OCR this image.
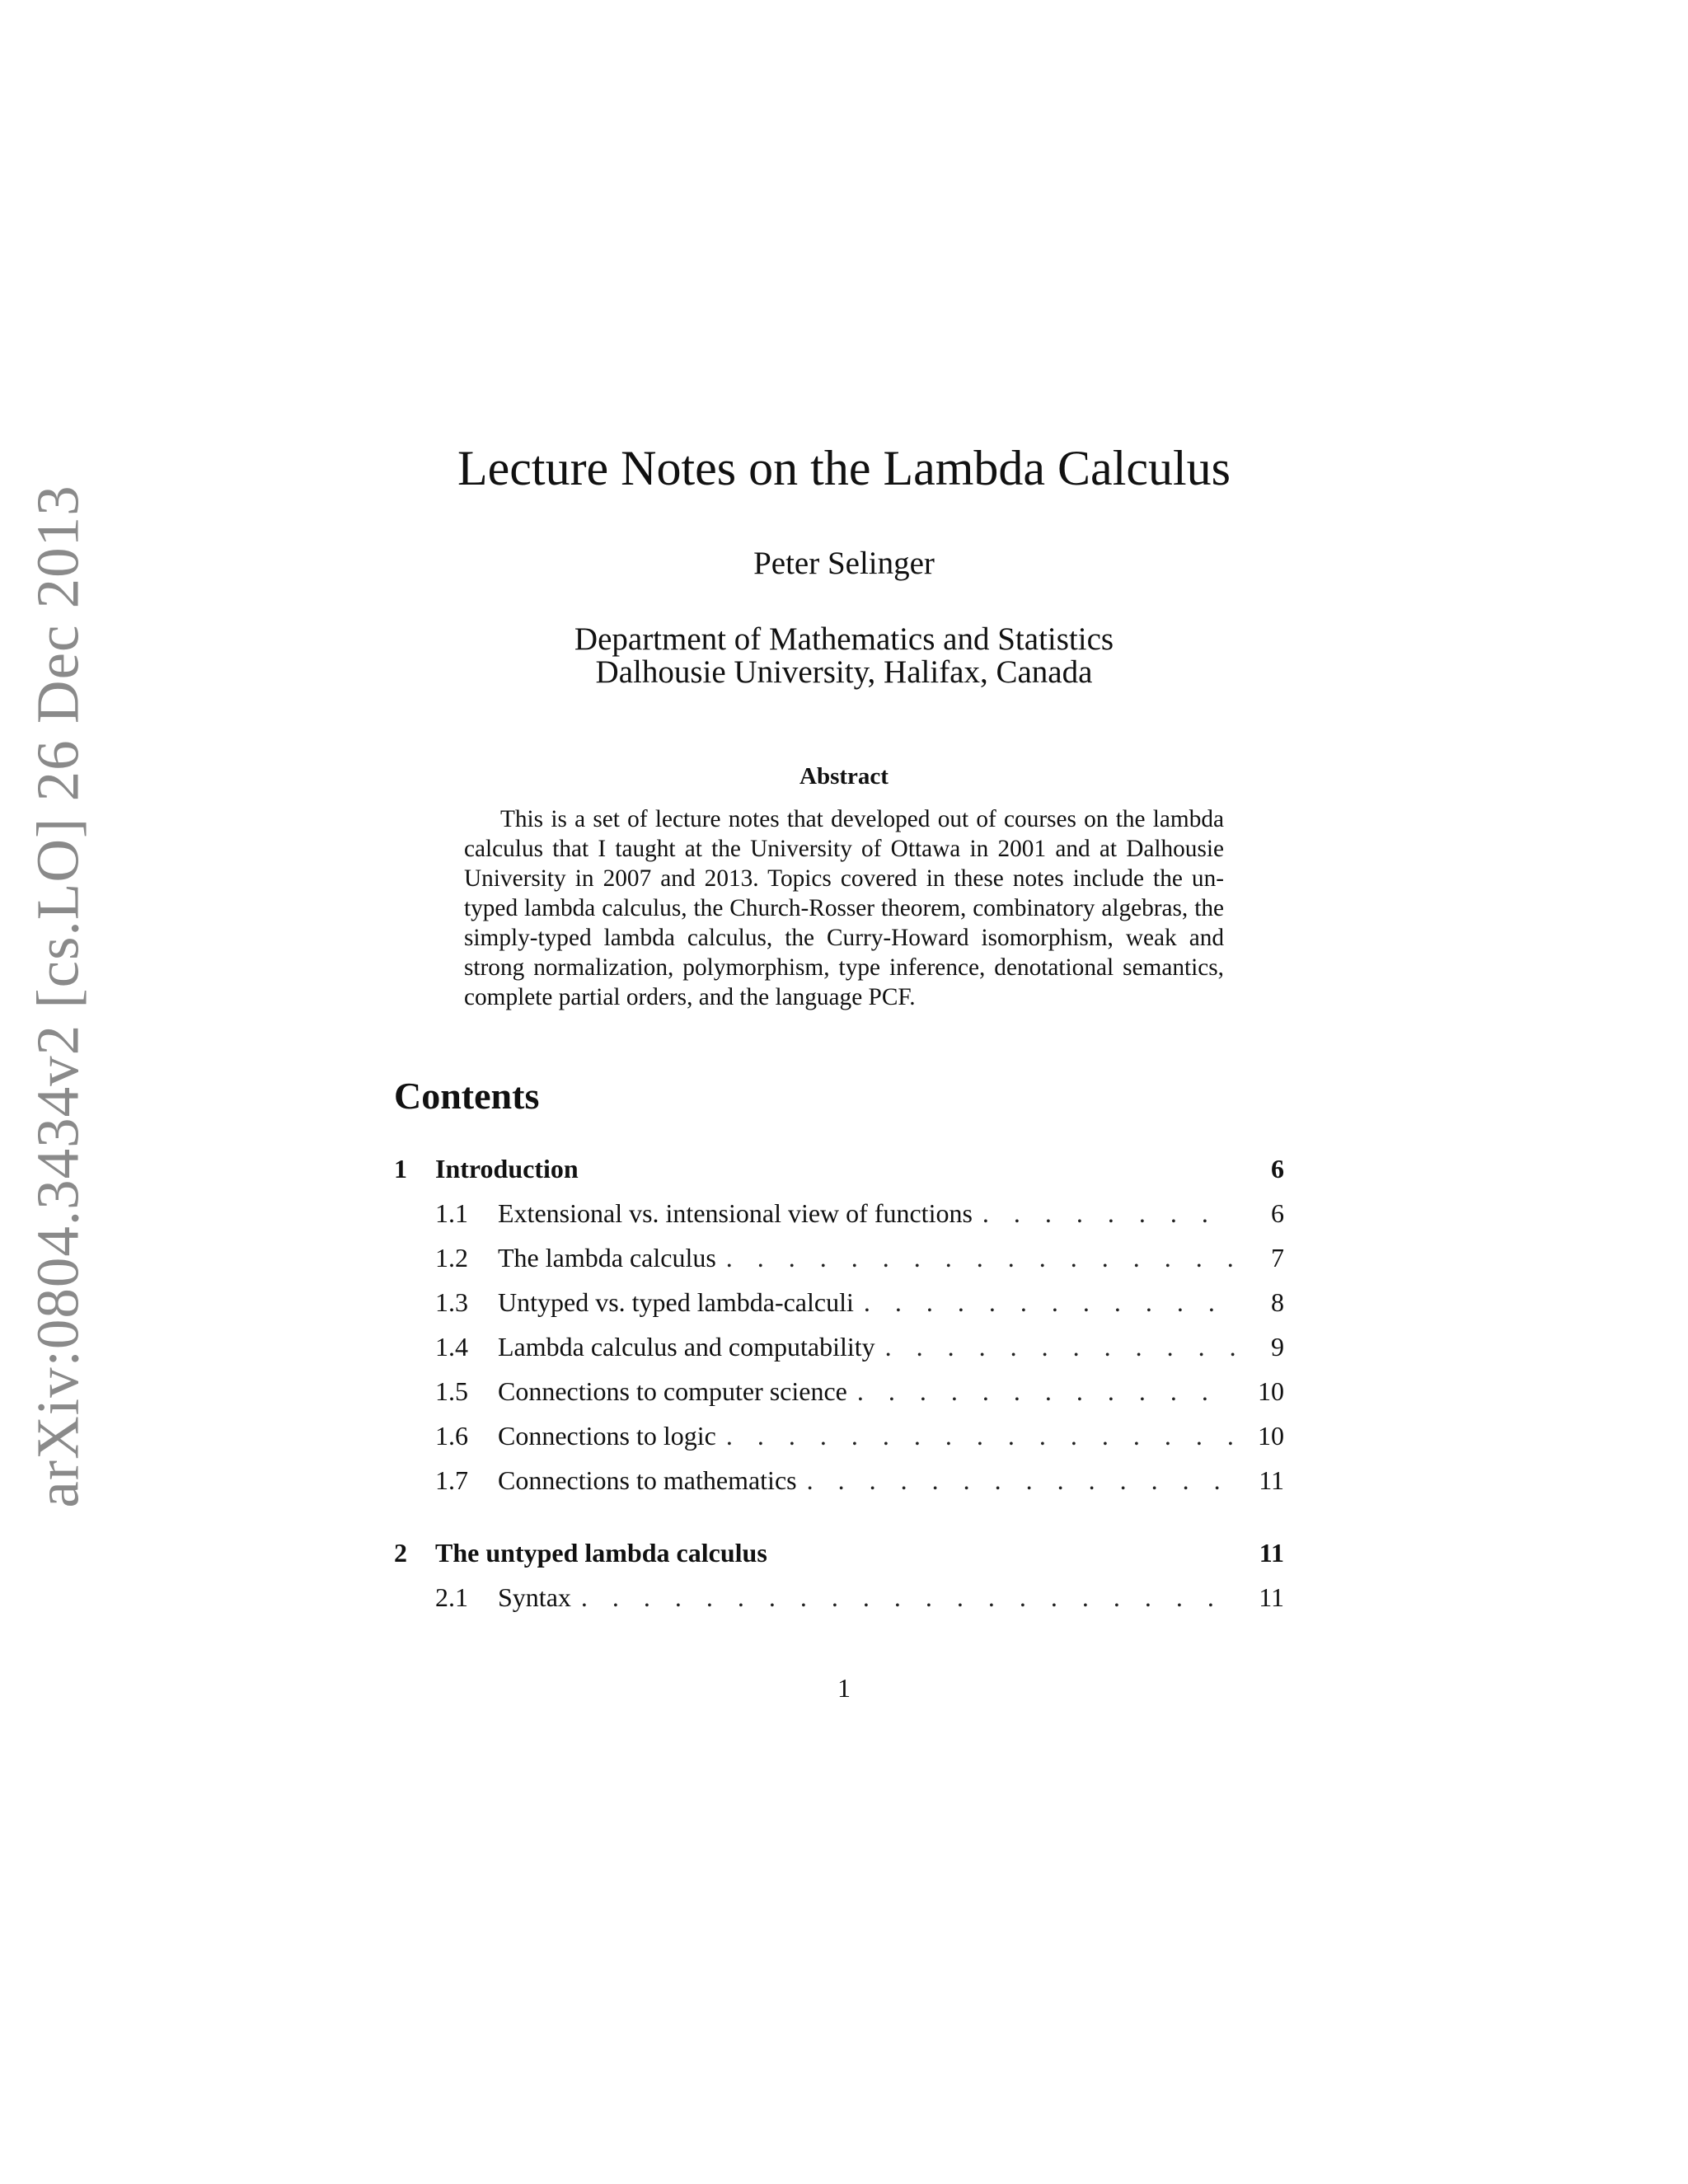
arXiv:0804.3434v2 [cs.LO] 26 Dec 2013
Lecture Notes on the Lambda Calculus
Peter Selinger
Department of Mathematics and Statistics
Dalhousie University, Halifax, Canada
Abstract
This is a set of lecture notes that developed out of courses on the lambda calculus that I taught at the University of Ottawa in 2001 and at Dalhousie University in 2007 and 2013. Topics covered in these notes include the untyped lambda calculus, the Church-Rosser theorem, combinatory algebras, the simply-typed lambda calculus, the Curry-Howard isomorphism, weak and strong normalization, polymorphism, type inference, denotational semantics, complete partial orders, and the language PCF.
Contents
1	Introduction	6
1.1	Extensional vs. intensional view of functions . . .	6
1.2	The lambda calculus . . .	7
1.3	Untyped vs. typed lambda-calculi . . .	8
1.4	Lambda calculus and computability . . .	9
1.5	Connections to computer science . . .	10
1.6	Connections to logic . . .	10
1.7	Connections to mathematics . . .	11
2	The untyped lambda calculus	11
2.1	Syntax . . .	11
1
